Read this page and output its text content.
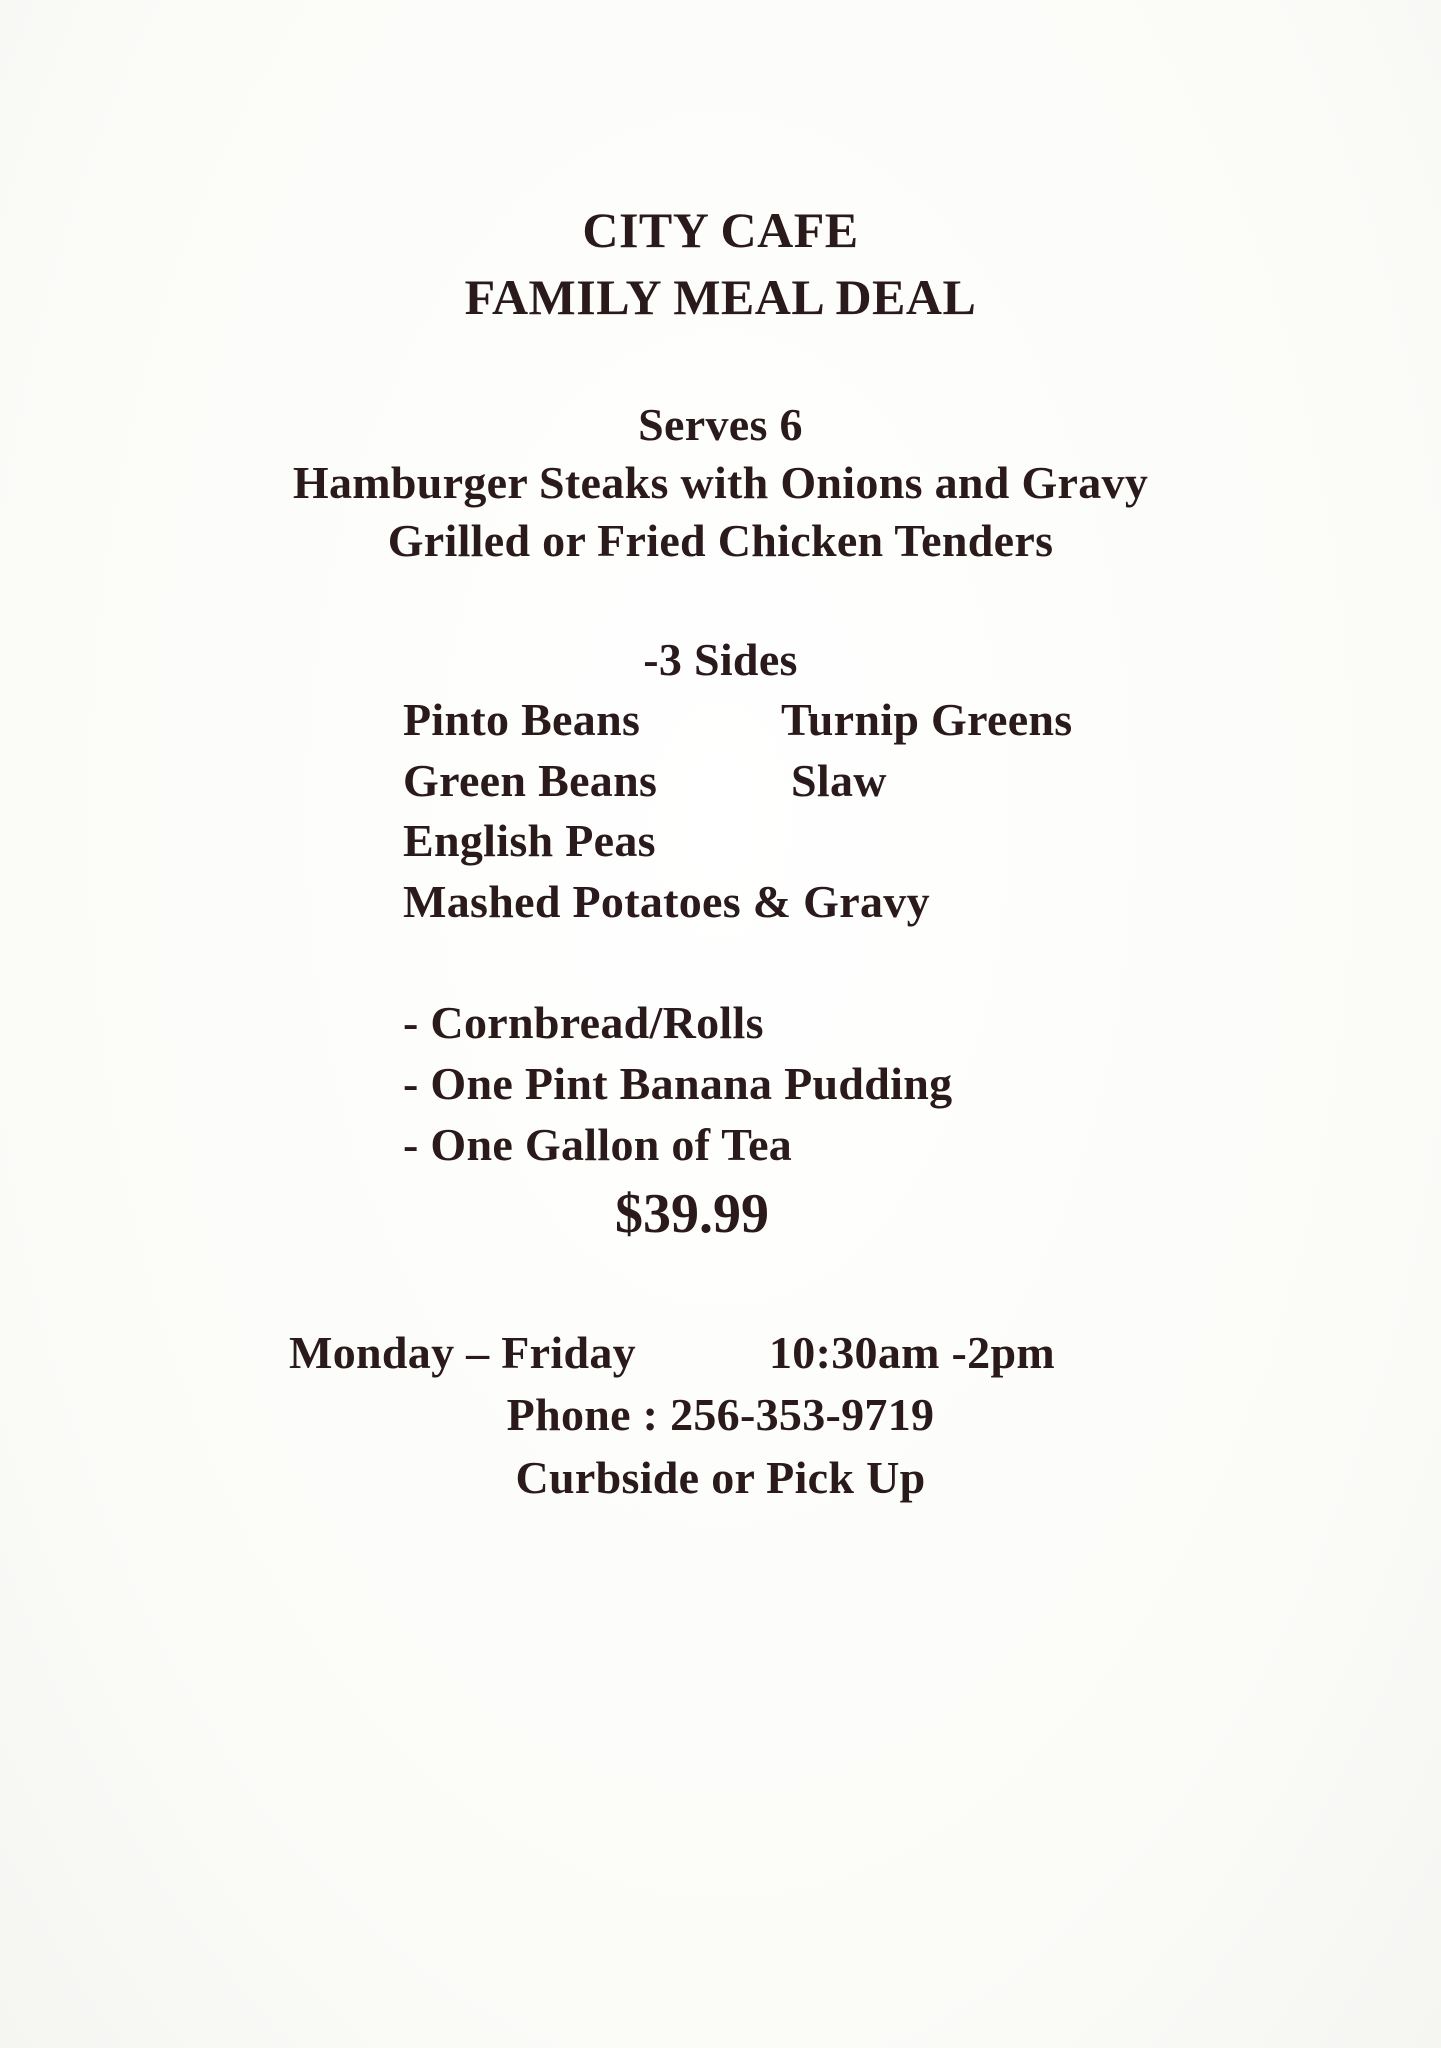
CITY CAFE
FAMILY MEAL DEAL
Serves 6
Hamburger Steaks with Onions and Gravy
Grilled or Fried Chicken Tenders
-3 Sides
Pinto Beans	Turnip Greens
Green Beans	Slaw
English Peas
Mashed Potatoes & Gravy
- Cornbread/Rolls
- One Pint Banana Pudding
- One Gallon of Tea
$39.99
Monday – Friday	10:30am -2pm
Phone : 256-353-9719
Curbside or Pick Up
